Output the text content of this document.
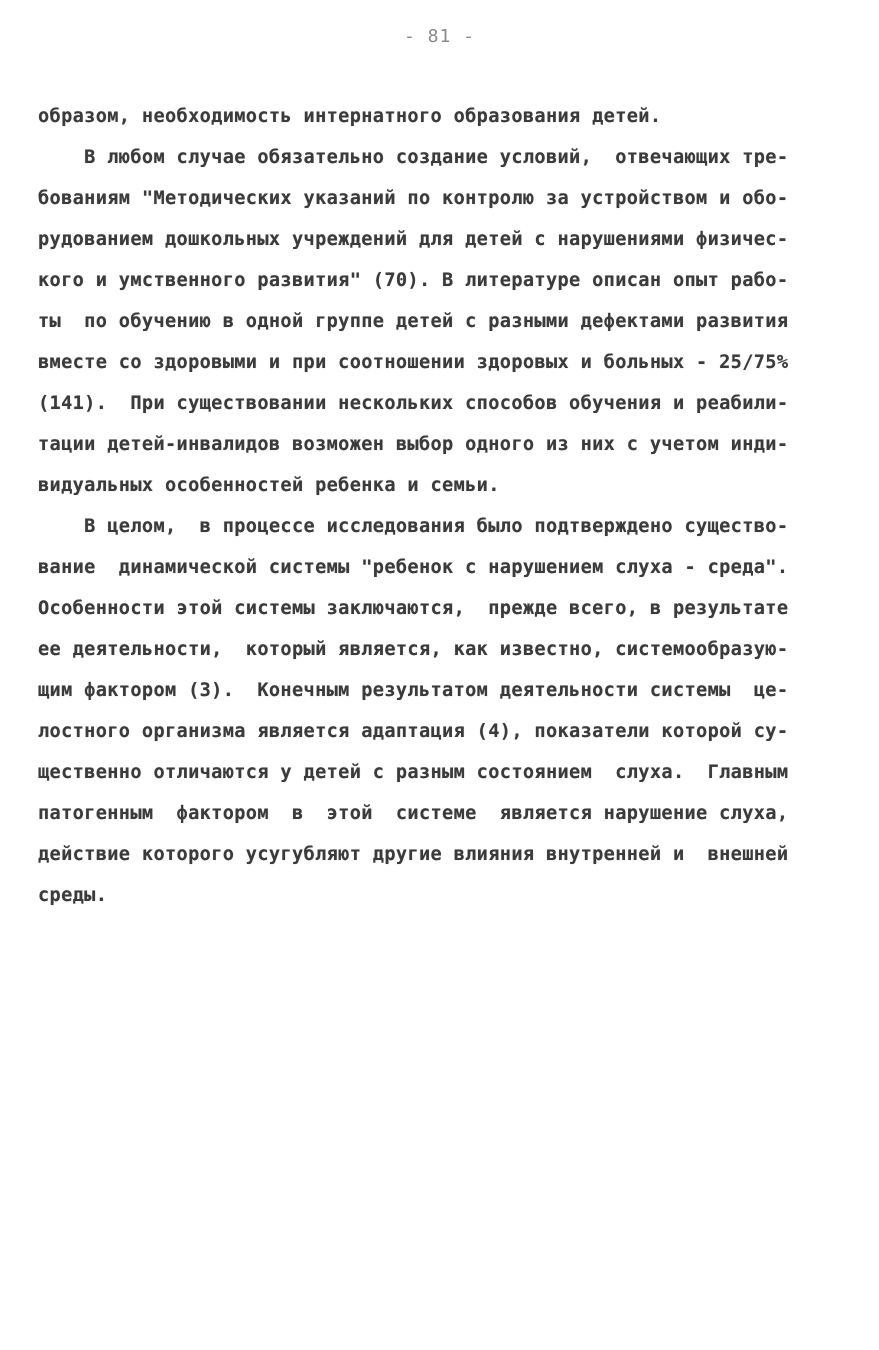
- 81 -
образом, необходимость интернатного образования детей.
В любом случае обязательно создание условий,  отвечающих тре-
бованиям "Методических указаний по контролю за устройством и обо-
рудованием дошкольных учреждений для детей с нарушениями физичес-
кого и умственного развития" (70). В литературе описан опыт рабо-
ты  по обучению в одной группе детей с разными дефектами развития
вместе со здоровыми и при соотношении здоровых и больных - 25/75%
(141).  При существовании нескольких способов обучения и реабили-
тации детей-инвалидов возможен выбор одного из них с учетом инди-
видуальных особенностей ребенка и семьи.
В целом,  в процессе исследования было подтверждено существо-
вание  динамической системы "ребенок с нарушением слуха - среда".
Особенности этой системы заключаются,  прежде всего, в результате
ее деятельности,  который является, как известно, системообразую-
щим фактором (3).  Конечным результатом деятельности системы  це-
лостного организма является адаптация (4), показатели которой су-
щественно отличаются у детей с разным состоянием  слуха.  Главным
патогенным  фактором  в  этой  системе  является нарушение слуха,
действие которого усугубляют другие влияния внутренней и  внешней
среды.
